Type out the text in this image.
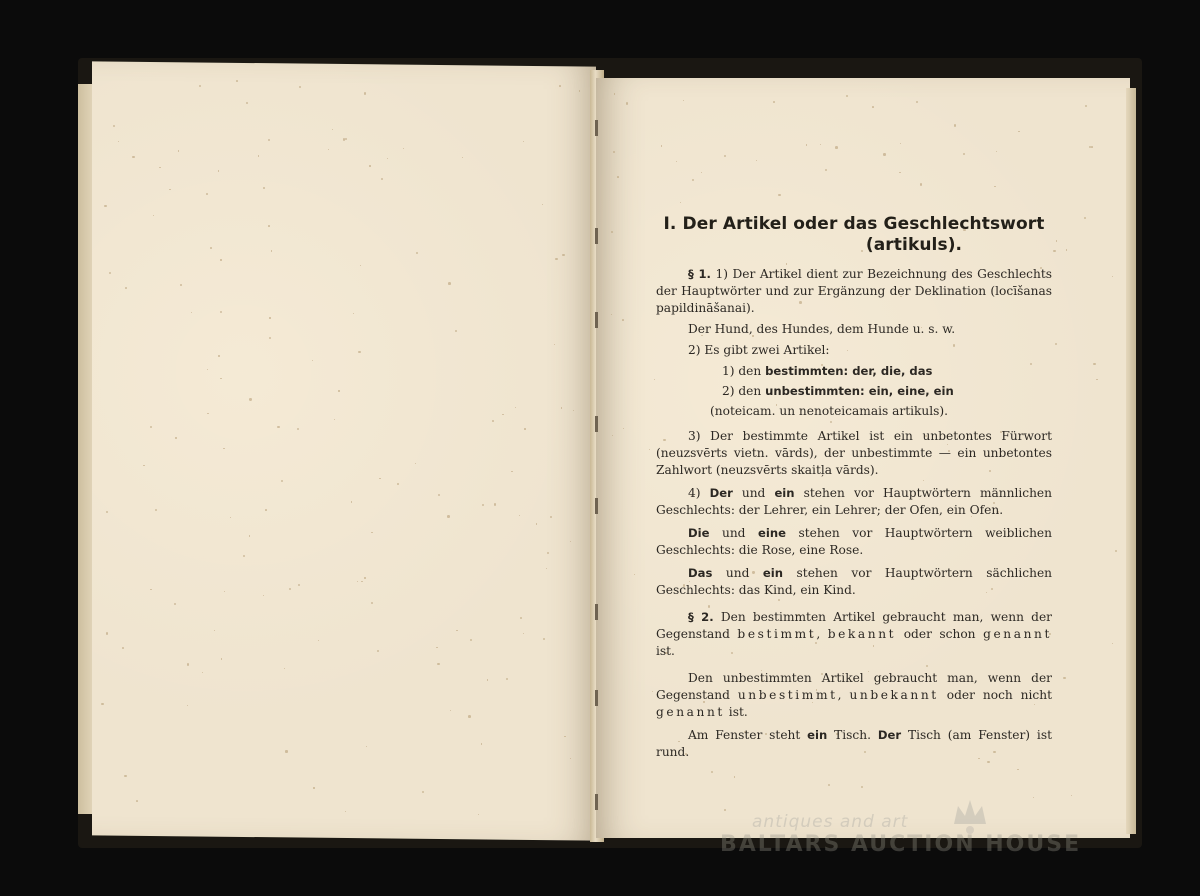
I. Der Artikel oder das Geschlechtswort
(artikuls).

§ 1. 1) Der Artikel dient zur Bezeichnung des Geschlechts der Hauptwörter und zur Ergänzung der Deklination (locīšanas papildināšanai).

Der Hund, des Hundes, dem Hunde u. s. w.

2) Es gibt zwei Artikel:

1) den bestimmten: der, die, das
2) den unbestimmten: ein, eine, ein
(noteicam. un nenoteicamais artikuls).

3) Der bestimmte Artikel ist ein unbetontes Fürwort (neuzsvērts vietn. vārds), der unbestimmte — ein unbetontes Zahlwort (neuzsvērts skaitļa vārds).

4) Der und ein stehen vor Hauptwörtern männlichen Geschlechts: der Lehrer, ein Lehrer; der Ofen, ein Ofen.

Die und eine stehen vor Hauptwörtern weiblichen Geschlechts: die Rose, eine Rose.

Das und ein stehen vor Hauptwörtern sächlichen Geschlechts: das Kind, ein Kind.

§ 2. Den bestimmten Artikel gebraucht man, wenn der Gegenstand bestimmt, bekannt oder schon genannt ist.

Den unbestimmten Artikel gebraucht man, wenn der Gegenstand unbestimmt, unbekannt oder noch nicht genannt ist.

Am Fenster steht ein Tisch. Der Tisch (am Fenster) ist rund.

antiques and art
BALTARS AUCTION HOUSE
